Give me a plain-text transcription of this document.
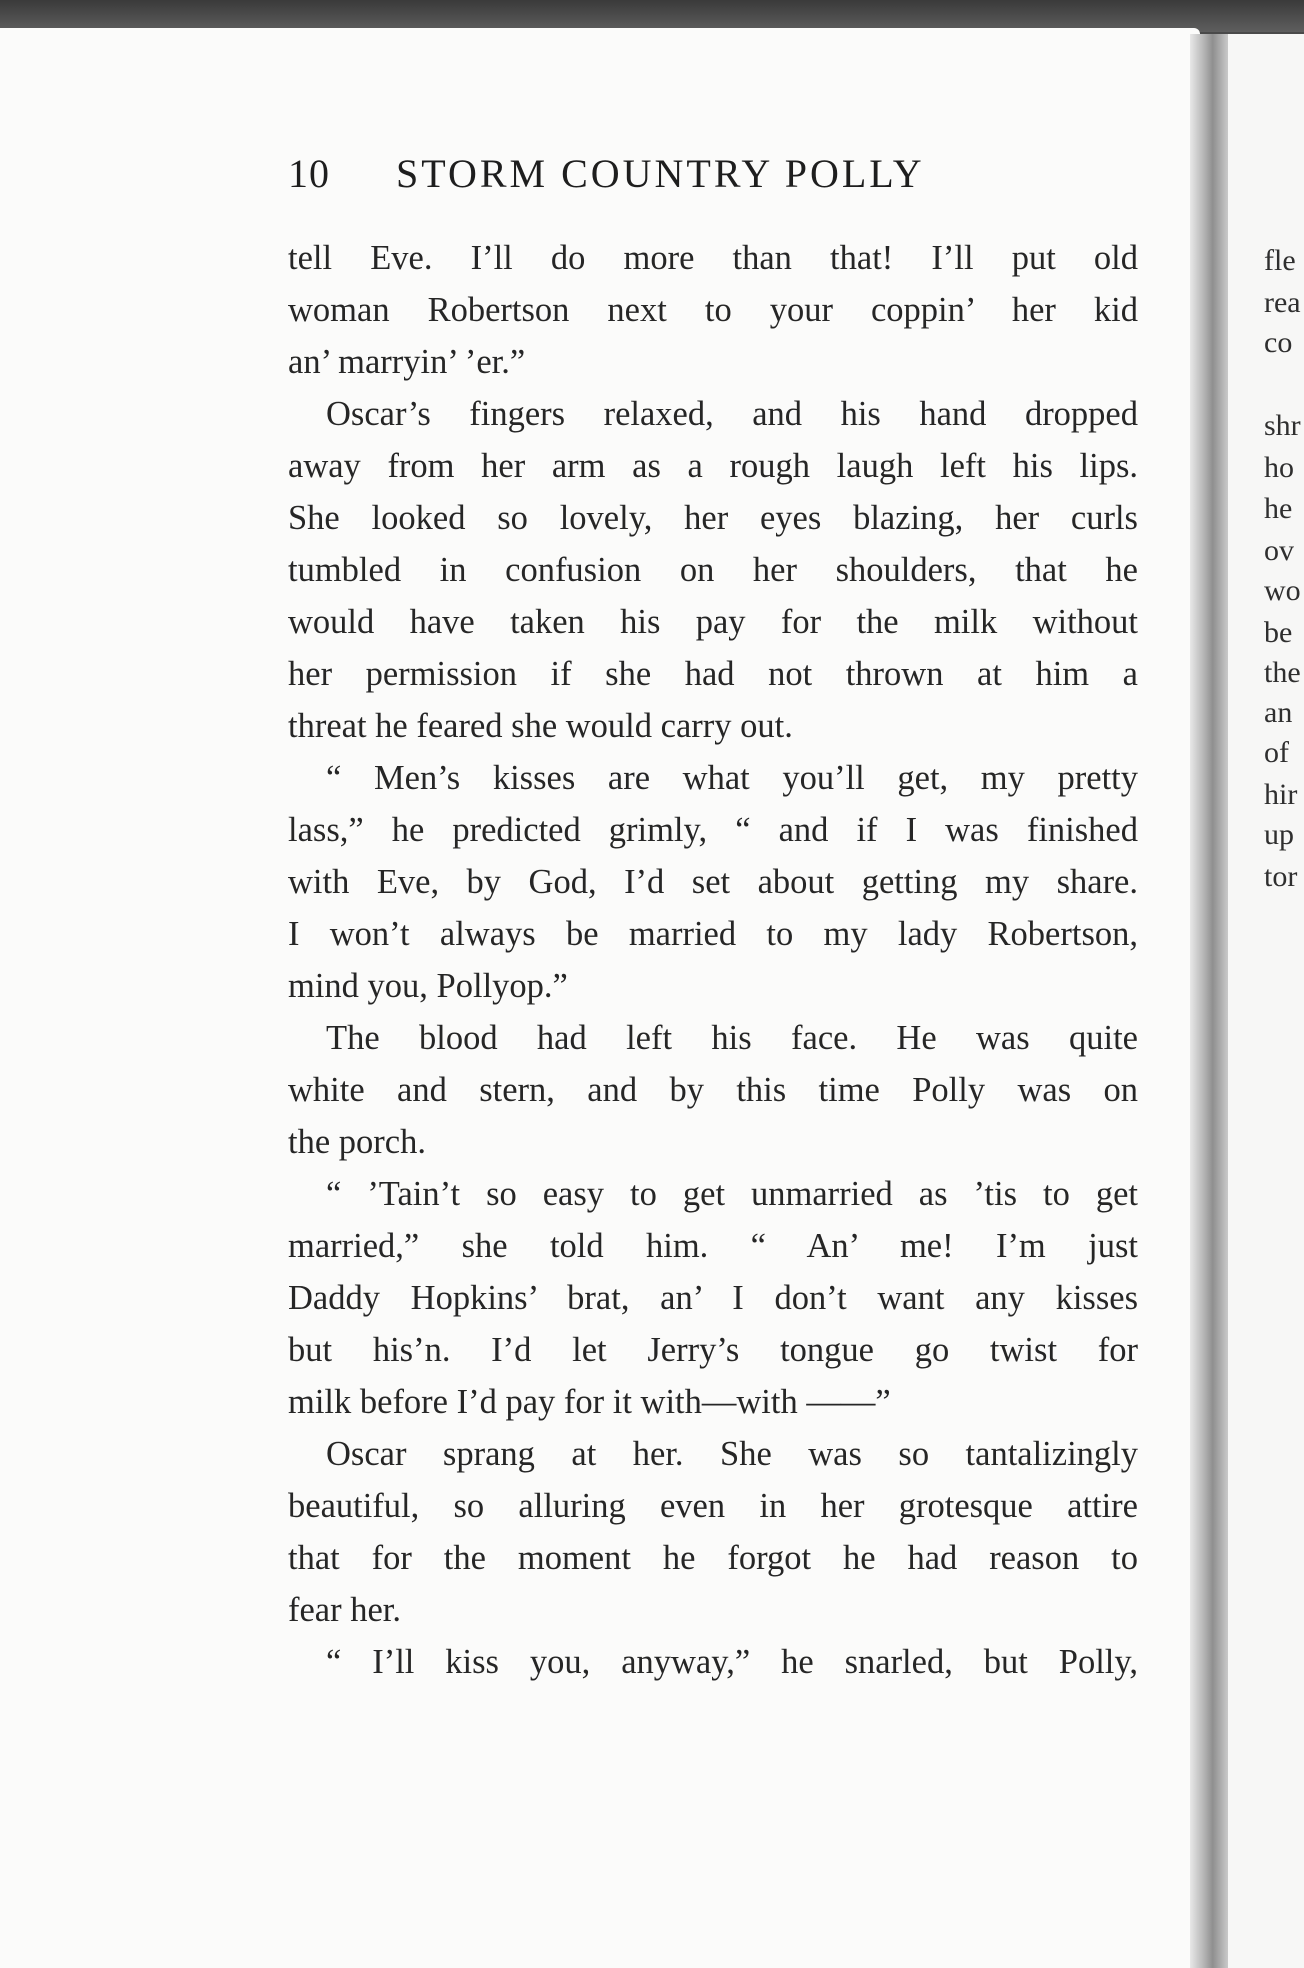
10 STORM COUNTRY POLLY
tell Eve. I’ll do more than that! I’ll put old
woman Robertson next to your coppin’ her kid
an’ marryin’ ’er.”
Oscar’s fingers relaxed, and his hand dropped
away from her arm as a rough laugh left his lips.
She looked so lovely, her eyes blazing, her curls
tumbled in confusion on her shoulders, that he
would have taken his pay for the milk without
her permission if she had not thrown at him a
threat he feared she would carry out.
“ Men’s kisses are what you’ll get, my pretty
lass,” he predicted grimly, “ and if I was finished
with Eve, by God, I’d set about getting my share.
I won’t always be married to my lady Robertson,
mind you, Pollyop.”
The blood had left his face. He was quite
white and stern, and by this time Polly was on
the porch.
“ ’Tain’t so easy to get unmarried as ’tis to get
married,” she told him. “ An’ me! I’m just
Daddy Hopkins’ brat, an’ I don’t want any kisses
but his’n. I’d let Jerry’s tongue go twist for
milk before I’d pay for it with—with ——”
Oscar sprang at her. She was so tantalizingly
beautiful, so alluring even in her grotesque attire
that for the moment he forgot he had reason to
fear her.
“ I’ll kiss you, anyway,” he snarled, but Polly,
fle
rea
co
shr
ho
he
ov
wo
be
the
an
of
hir
up
tor
